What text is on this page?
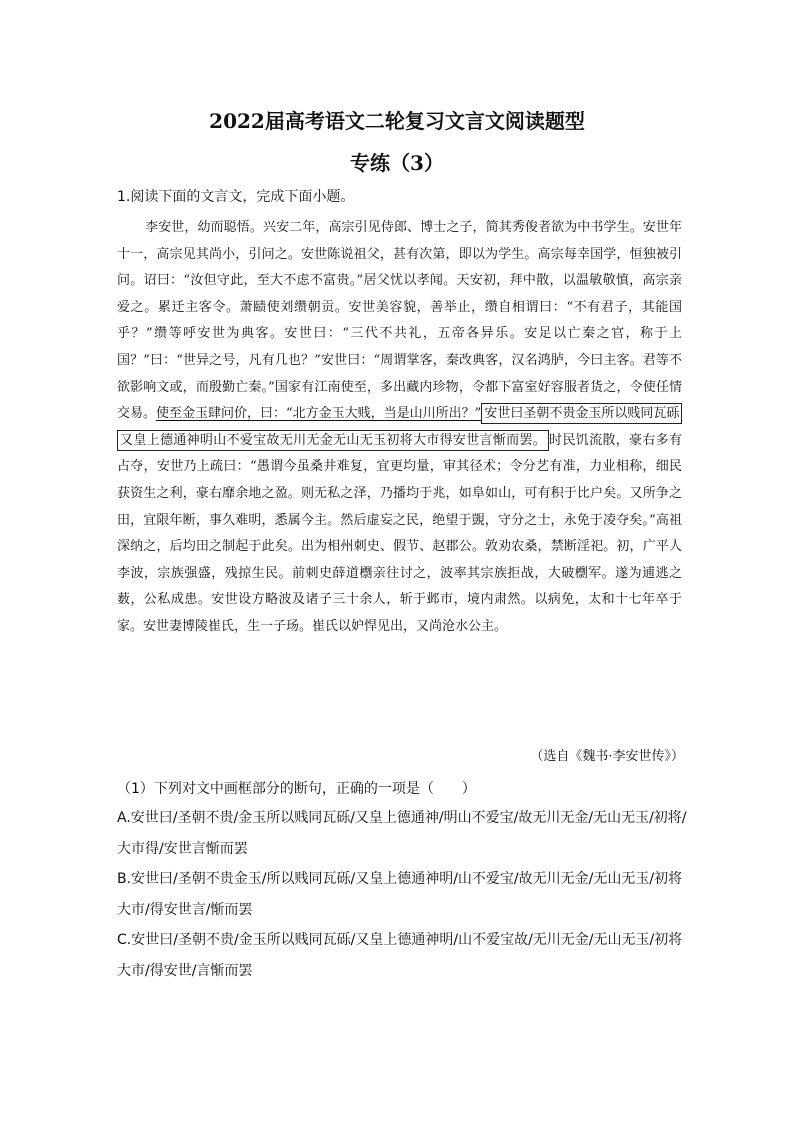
2022届高考语文二轮复习文言文阅读题型
专练（3）
1.阅读下面的文言文，完成下面小题。

李安世，幼而聪悟。兴安二年，高宗引见侍郎、博士之子，简其秀俊者欲为中书学生。安世年十一，高宗见其尚小，引问之。安世陈说祖父，甚有次第，即以为学生。高宗每幸国学，恒独被引问。诏曰：“汝但守此，至大不虑不富贵。”居父忧以孝闻。天安初，拜中散，以温敏敬慎，高宗亲爱之。累迁主客令。萧赜使刘缵朝贡。安世美容貌，善举止，缵自相谓曰：“不有君子，其能国乎？”缵等呼安世为典客。安世曰：“三代不共礼，五帝各异乐。安足以亡秦之官，称于上国？”曰：“世异之号，凡有几也？”安世曰：“周谓掌客，秦改典客，汉名鸿胪，今曰主客。君等不欲影响文或，而殷勤亡秦。”国家有江南使至，多出藏内珍物，令都下富室好容服者货之，令使任情交易。使至金玉肆问价，曰：“北方金玉大贱，当是山川所出？” 安世曰圣朝不贵金玉所以贱同瓦砾又皇上德通神明山不爱宝故无川无金无山无玉初将大市得安世言惭而罢。 时民饥流散，豪右多有占夺，安世乃上疏曰：“愚谓今虽桑井难复，宜更均量，审其径术；令分艺有准，力业相称，细民获资生之利，豪右靡余地之盈。则无私之泽，乃播均于兆，如阜如山，可有积于比户矣。又所争之田，宜限年断，事久难明，悉属今主。然后虚妄之民，绝望于覬，守分之士，永免于凌夺矣。”高祖深纳之，后均田之制起于此矣。出为相州刺史、假节、赵郡公。敦劝农桑，禁断淫祀。初，广平人李波，宗族强盛，残掠生民。前刺史薛道檦亲往讨之，波率其宗族拒战，大破檦军。遂为逋逃之薮，公私成患。安世设方略波及诸子三十余人，斩于邺市，境内肃然。以病免，太和十七年卒于家。安世妻博陵崔氏，生一子玚。崔氏以妒悍见出，又尚沧水公主。

（选自《魏书·李安世传》）
（1）下列对文中画框部分的断句，正确的一项是（　　）

A.安世曰/圣朝不贵/金玉所以贱同瓦砾/又皇上德通神/明山不爱宝/故无川无金/无山无玉/初将/大市得/安世言惭而罢

B.安世曰/圣朝不贵金玉/所以贱同瓦砾/又皇上德通神明/山不爱宝/故无川无金/无山无玉/初将大市/得安世言/惭而罢

C.安世曰/圣朝不贵/金玉所以贱同瓦砾/又皇上德通神明/山不爱宝故/无川无金/无山无玉/初将大市/得安世/言惭而罢
